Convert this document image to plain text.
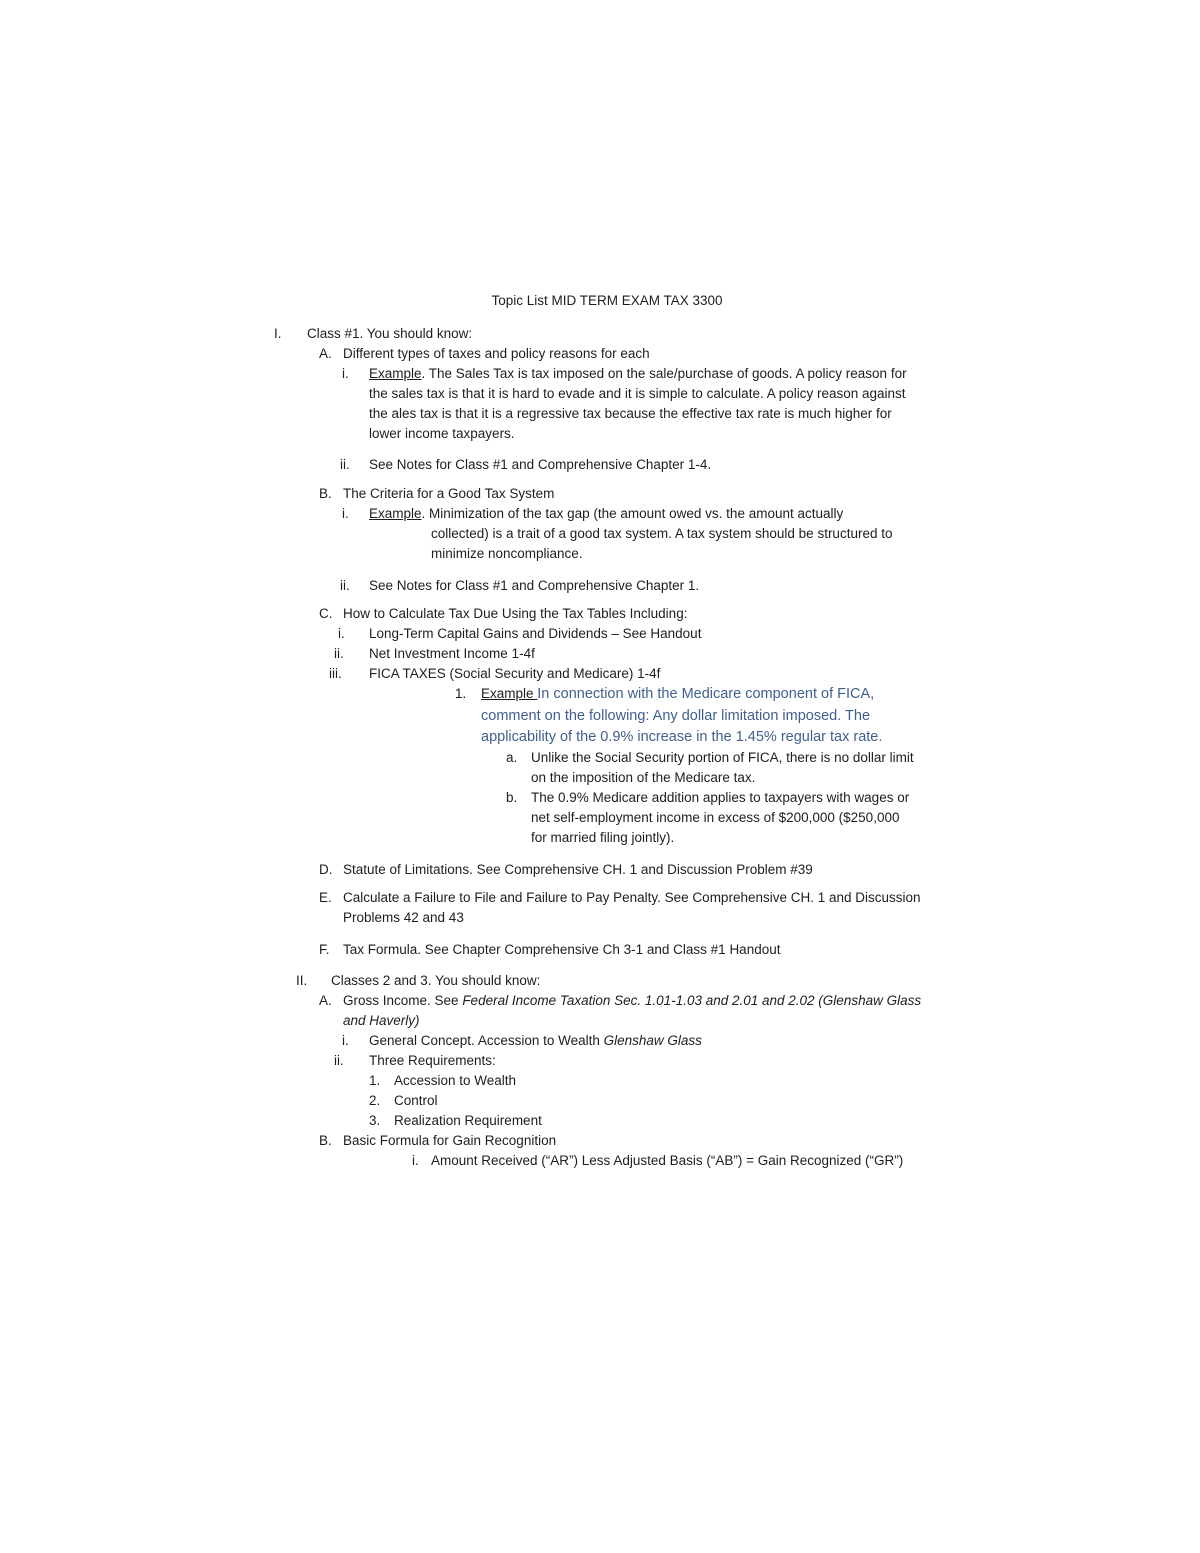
Topic List MID TERM EXAM TAX 3300
I. Class #1. You should know:
A. Different types of taxes and policy reasons for each
i. Example. The Sales Tax is tax imposed on the sale/purchase of goods. A policy reason for
the sales tax is that it is hard to evade and it is simple to calculate. A policy reason against
the ales tax is that it is a regressive tax because the effective tax rate is much higher for
lower income taxpayers.
ii. See Notes for Class #1 and Comprehensive Chapter 1-4.
B. The Criteria for a Good Tax System
i. Example. Minimization of the tax gap (the amount owed vs. the amount actually
collected) is a trait of a good tax system. A tax system should be structured to
minimize noncompliance.
ii. See Notes for Class #1 and Comprehensive Chapter 1.
C. How to Calculate Tax Due Using the Tax Tables Including:
i. Long-Term Capital Gains and Dividends – See Handout
ii. Net Investment Income 1-4f
iii. FICA TAXES (Social Security and Medicare) 1-4f
1. Example In connection with the Medicare component of FICA,
comment on the following: Any dollar limitation imposed. The
applicability of the 0.9% increase in the 1.45% regular tax rate.
a. Unlike the Social Security portion of FICA, there is no dollar limit
on the imposition of the Medicare tax.
b. The 0.9% Medicare addition applies to taxpayers with wages or
net self-employment income in excess of $200,000 ($250,000
for married filing jointly).
D. Statute of Limitations. See Comprehensive CH. 1 and Discussion Problem #39
E. Calculate a Failure to File and Failure to Pay Penalty. See Comprehensive CH. 1 and Discussion
Problems 42 and 43
F. Tax Formula. See Chapter Comprehensive Ch 3-1 and Class #1 Handout
II. Classes 2 and 3. You should know:
A. Gross Income. See Federal Income Taxation Sec. 1.01-1.03 and 2.01 and 2.02 (Glenshaw Glass
and Haverly)
i. General Concept. Accession to Wealth Glenshaw Glass
ii. Three Requirements:
1. Accession to Wealth
2. Control
3. Realization Requirement
B. Basic Formula for Gain Recognition
i. Amount Received (“AR”) Less Adjusted Basis (“AB”) = Gain Recognized (“GR”)
